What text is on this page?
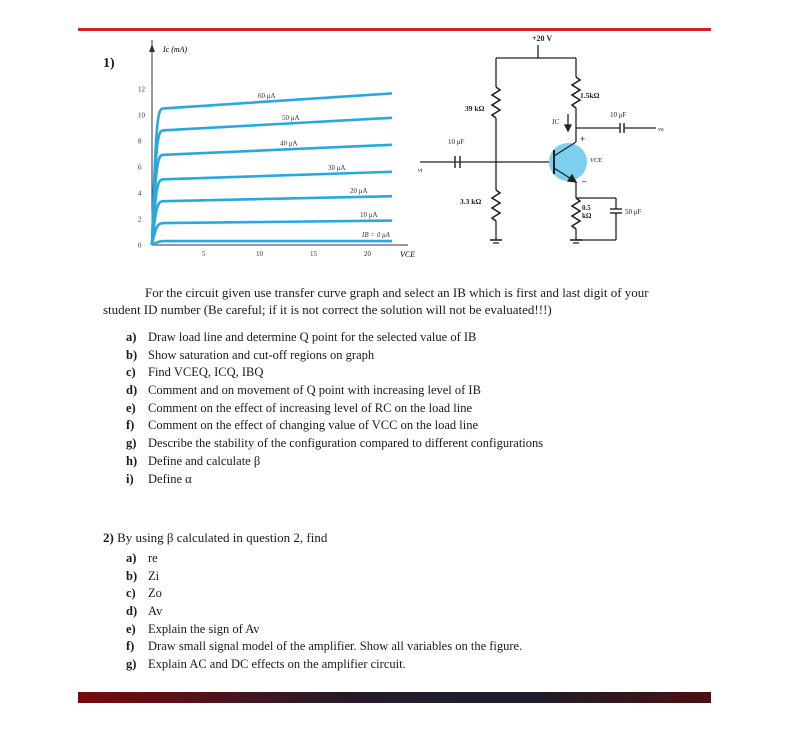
1)
Ic (mA)
VCE
0
2
4
6
8
10
12
5	10	15	20
60 μA
50 μA
40 μA
30 μA
20 μA
10 μA
IB = 0 μA
+20 V
39 kΩ
10 μF
vi
3.3 kΩ
1.5kΩ
IC
10 μF
vo
+
VCE
–
0.5
kΩ	50 μF
For the circuit given use transfer curve graph and select an IB which is first and last digit of your student ID number (Be careful; if it is not correct the solution will not be evaluated!!!)
a) Draw load line and determine Q point for the selected value of IB
b) Show saturation and cut-off regions on graph
c) Find VCEQ, ICQ, IBQ
d) Comment and on movement of Q point with increasing level of IB
e) Comment on the effect of increasing level of RC on the load line
f) Comment on the effect of changing value of VCC on the load line
g) Describe the stability of the configuration compared to different configurations
h) Define and calculate β
i) Define α
2) By using β calculated in question 2, find
a) re
b) Zi
c) Zo
d) Av
e) Explain the sign of Av
f) Draw small signal model of the amplifier. Show all variables on the figure.
g) Explain AC and DC effects on the amplifier circuit.
